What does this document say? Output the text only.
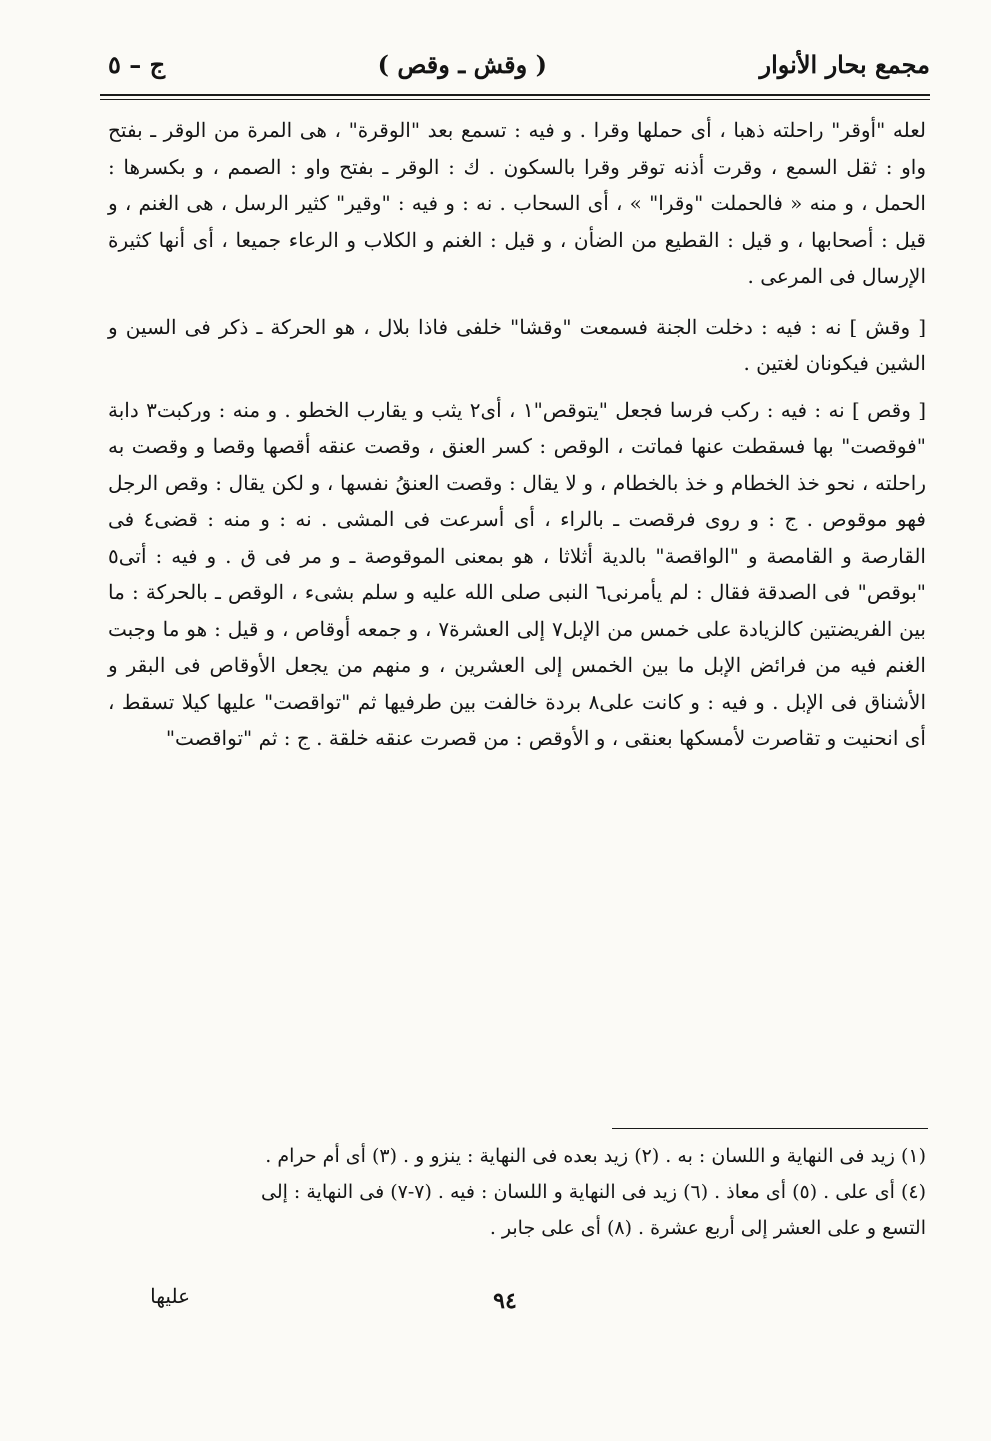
مجمع بحار الأنوار
( وقش ـ وقص )
ج – ٥

لعله "أوقر" راحلته ذهبا ، أى حملها وقرا . و فيه : تسمع بعد "الوقرة" ، هى المرة من الوقر ـ بفتح واو : ثقل السمع ، وقرت أذنه توقر وقرا بالسكون . ك : الوقر ـ بفتح واو : الصمم ، و بكسرها : الحمل ، و منه « فالحملت "وقرا" » ، أى السحاب . نه : و فيه : "وقير" كثير الرسل ، هى الغنم ، و قيل : أصحابها ، و قيل : القطيع من الضأن ، و قيل : الغنم و الكلاب و الرعاء جميعا ، أى أنها كثيرة الإرسال فى المرعى .

[ وقش ] نه : فيه : دخلت الجنة فسمعت "وقشا" خلفى فاذا بلال ، هو الحركة ـ ذكر فى السين و الشين فيكونان لغتين .

[ وقص ] نه : فيه : ركب فرسا فجعل "يتوقص"١ ، أى٢ يثب و يقارب الخطو . و منه : وركبت٣ دابة "فوقصت" بها فسقطت عنها فماتت ، الوقص : كسر العنق ، وقصت عنقه أقصها وقصا و وقصت به راحلته ، نحو خذ الخطام و خذ بالخطام ، و لا يقال : وقصت العنقُ نفسها ، و لكن يقال : وقص الرجل فهو موقوص . ج : و روى فرقصت ـ بالراء ، أى أسرعت فى المشى . نه : و منه : قضى٤ فى القارصة و القامصة و "الواقصة" بالدية أثلاثا ، هو بمعنى الموقوصة ـ و مر فى ق . و فيه : أتى٥ "بوقص" فى الصدقة فقال : لم يأمرنى٦ النبى صلى الله عليه و سلم بشىء ، الوقص ـ بالحركة : ما بين الفريضتين كالزيادة على خمس من الإبل٧ إلى العشرة٧ ، و جمعه أوقاص ، و قيل : هو ما وجبت الغنم فيه من فرائض الإبل ما بين الخمس إلى العشرين ، و منهم من يجعل الأوقاص فى البقر و الأشناق فى الإبل . و فيه : و كانت على٨ بردة خالفت بين طرفيها ثم "تواقصت" عليها كيلا تسقط ، أى انحنيت و تقاصرت لأمسكها بعنقى ، و الأوقص : من قصرت عنقه خلقة . ج : ثم "تواقصت"

(١) زيد فى النهاية و اللسان : به . (٢) زيد بعده فى النهاية : ينزو و . (٣) أى أم حرام .
(٤) أى على . (٥) أى معاذ . (٦) زيد فى النهاية و اللسان : فيه . (٧-٧) فى النهاية : إلى
التسع و على العشر إلى أربع عشرة . (٨) أى على جابر .
٩٤
عليها
